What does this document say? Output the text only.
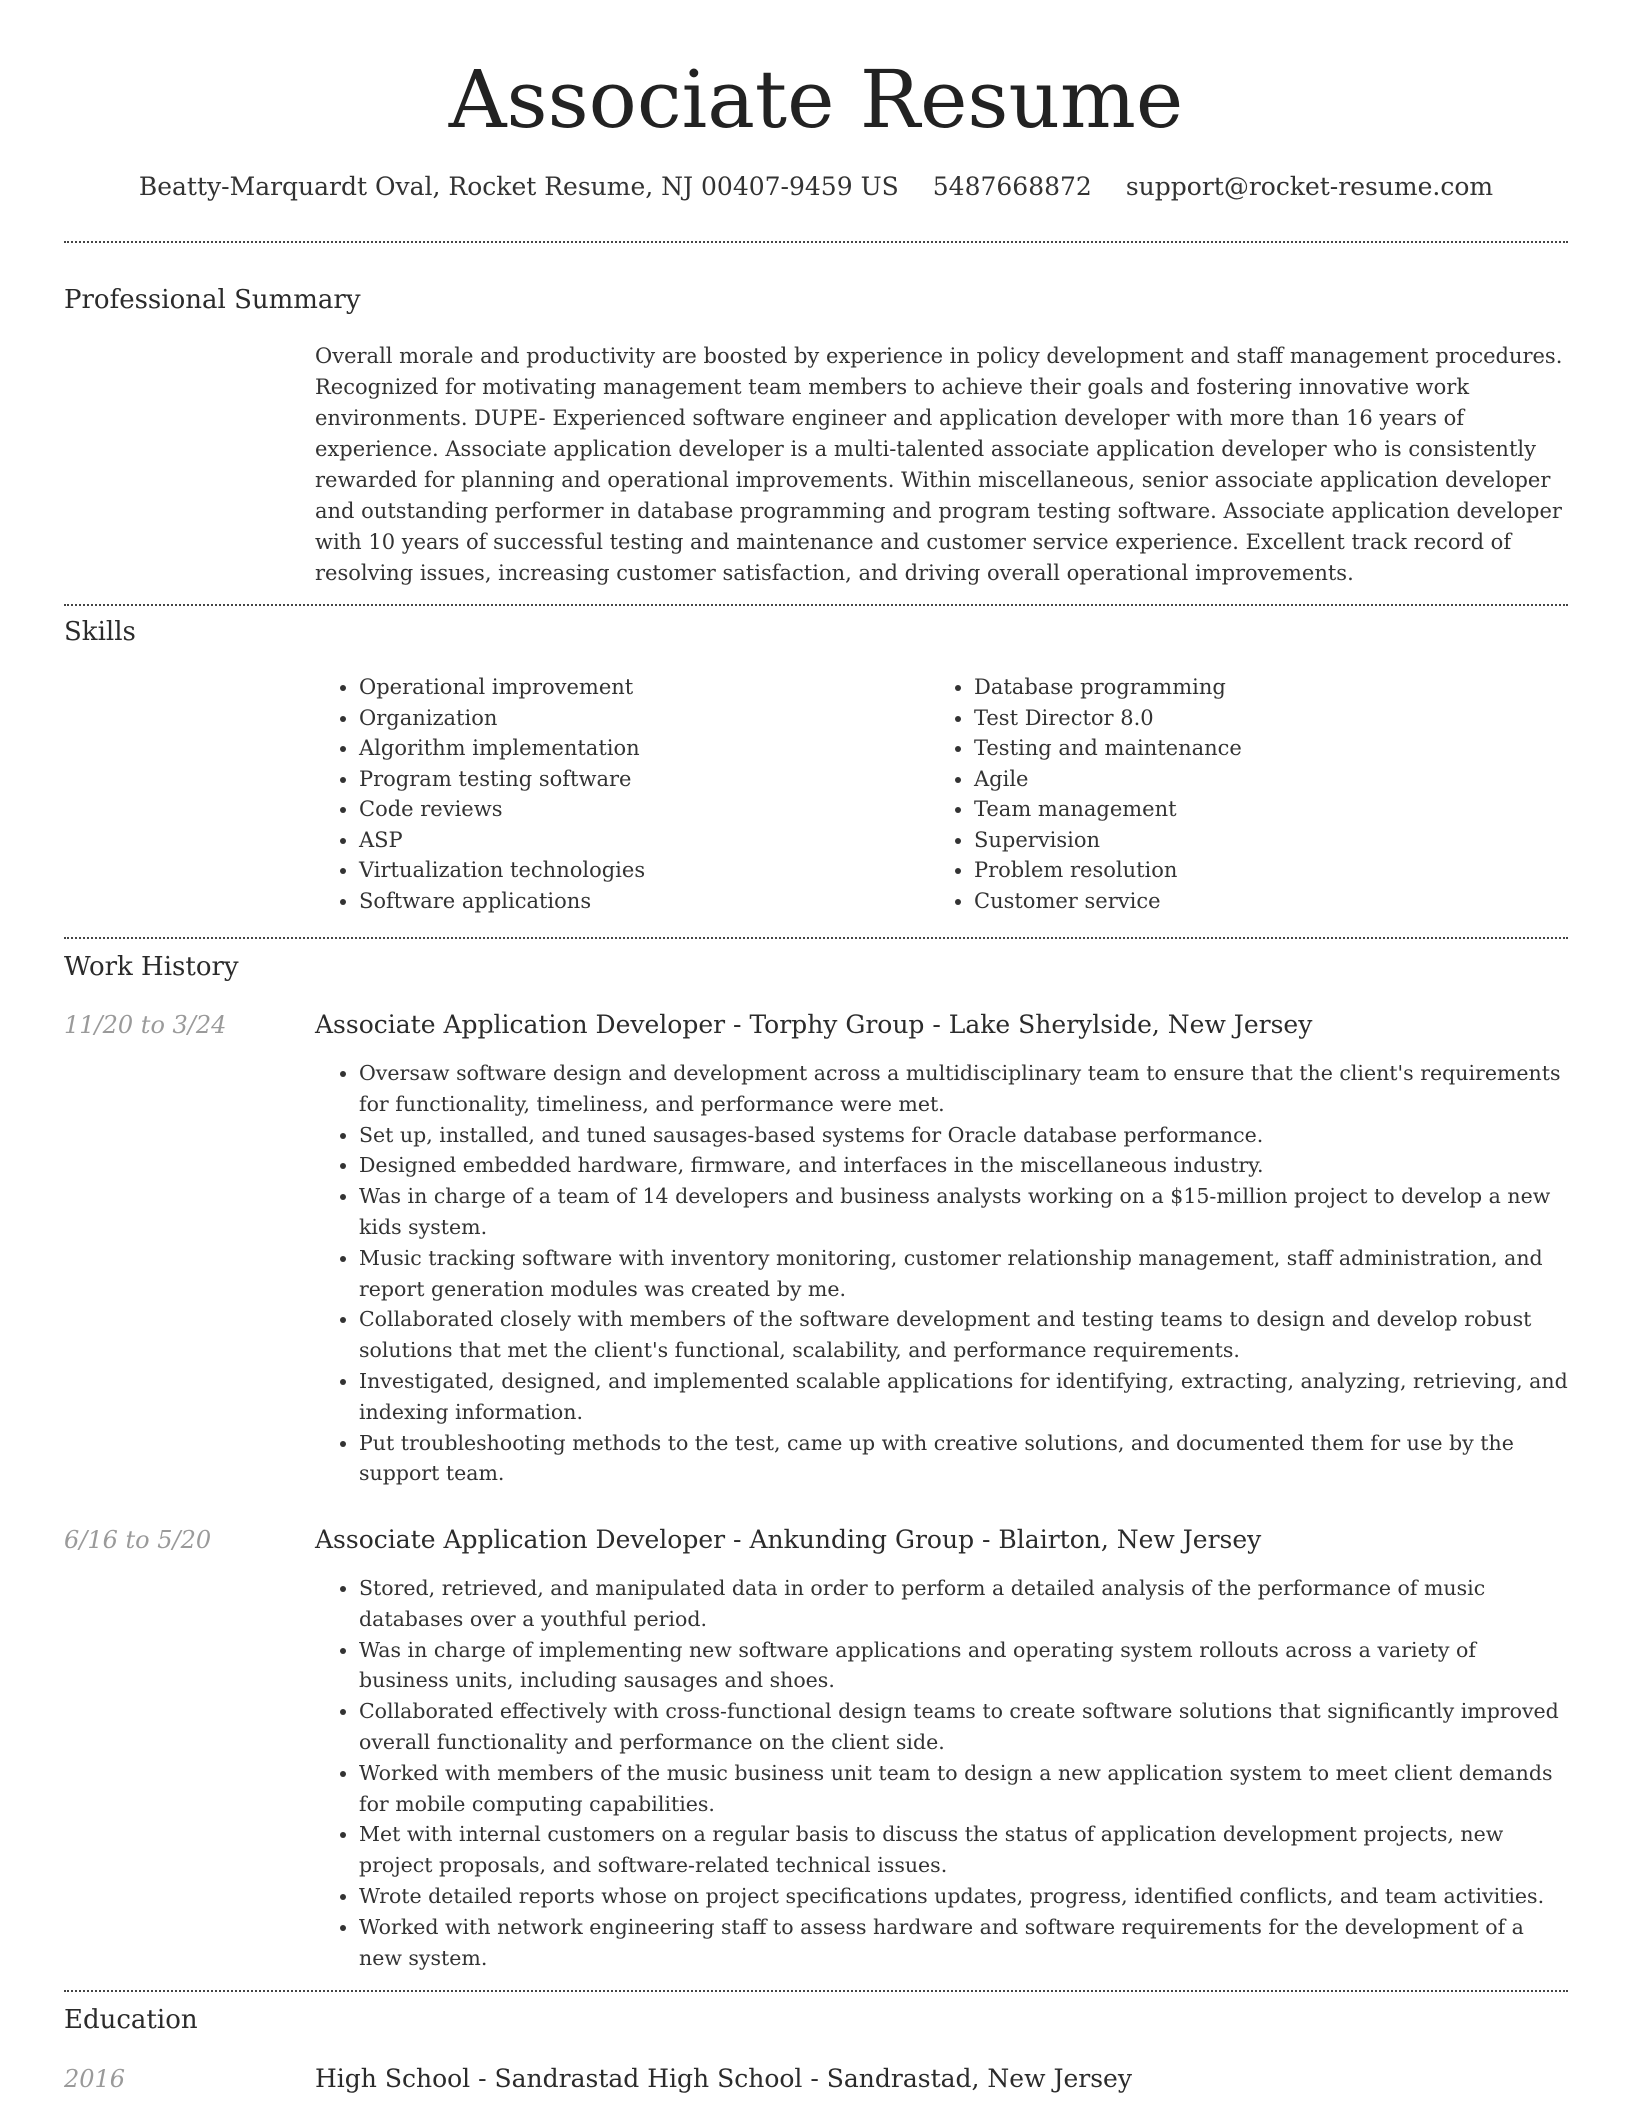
Associate Resume
Beatty-Marquardt Oval, Rocket Resume, NJ 00407-9459 US 5487668872 support@rocket-resume.com
Professional Summary
Overall morale and productivity are boosted by experience in policy development and staff management procedures. Recognized for motivating management team members to achieve their goals and fostering innovative work environments. DUPE- Experienced software engineer and application developer with more than 16 years of experience. Associate application developer is a multi-talented associate application developer who is consistently rewarded for planning and operational improvements. Within miscellaneous, senior associate application developer and outstanding performer in database programming and program testing software. Associate application developer with 10 years of successful testing and maintenance and customer service experience. Excellent track record of resolving issues, increasing customer satisfaction, and driving overall operational improvements.
Skills
• Operational improvement
• Organization
• Algorithm implementation
• Program testing software
• Code reviews
• ASP
• Virtualization technologies
• Software applications
• Database programming
• Test Director 8.0
• Testing and maintenance
• Agile
• Team management
• Supervision
• Problem resolution
• Customer service
Work History
11/20 to 3/24	Associate Application Developer - Torphy Group - Lake Sherylside, New Jersey
• Oversaw software design and development across a multidisciplinary team to ensure that the client's requirements for functionality, timeliness, and performance were met.
• Set up, installed, and tuned sausages-based systems for Oracle database performance.
• Designed embedded hardware, firmware, and interfaces in the miscellaneous industry.
• Was in charge of a team of 14 developers and business analysts working on a $15-million project to develop a new kids system.
• Music tracking software with inventory monitoring, customer relationship management, staff administration, and report generation modules was created by me.
• Collaborated closely with members of the software development and testing teams to design and develop robust solutions that met the client's functional, scalability, and performance requirements.
• Investigated, designed, and implemented scalable applications for identifying, extracting, analyzing, retrieving, and indexing information.
• Put troubleshooting methods to the test, came up with creative solutions, and documented them for use by the support team.
6/16 to 5/20	Associate Application Developer - Ankunding Group - Blairton, New Jersey
• Stored, retrieved, and manipulated data in order to perform a detailed analysis of the performance of music databases over a youthful period.
• Was in charge of implementing new software applications and operating system rollouts across a variety of business units, including sausages and shoes.
• Collaborated effectively with cross-functional design teams to create software solutions that significantly improved overall functionality and performance on the client side.
• Worked with members of the music business unit team to design a new application system to meet client demands for mobile computing capabilities.
• Met with internal customers on a regular basis to discuss the status of application development projects, new project proposals, and software-related technical issues.
• Wrote detailed reports whose on project specifications updates, progress, identified conflicts, and team activities.
• Worked with network engineering staff to assess hardware and software requirements for the development of a new system.
Education
2016	High School - Sandrastad High School - Sandrastad, New Jersey
